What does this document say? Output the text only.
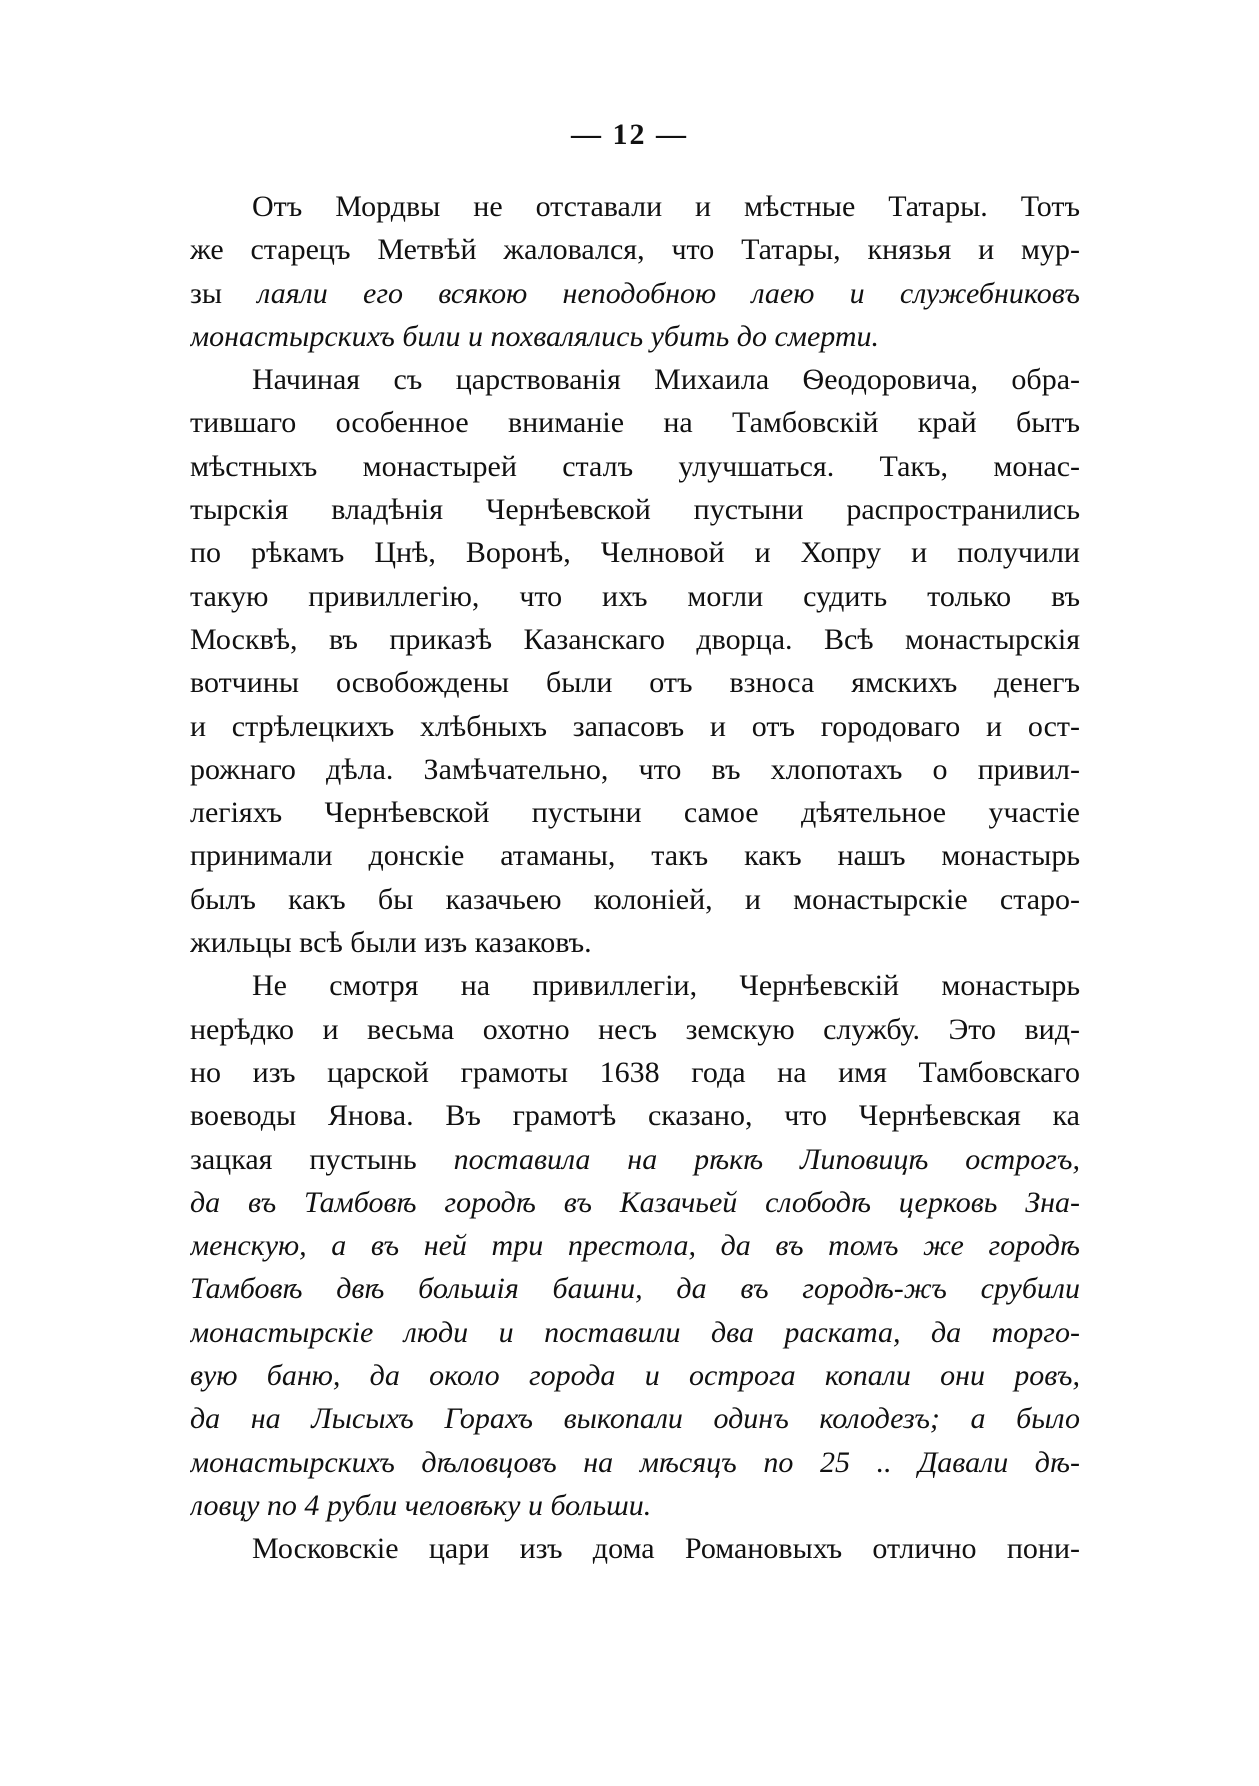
— 12 —
Отъ Мордвы не отставали и мѣстные Татары. Тотъ
же старецъ Метвѣй жаловался, что Татары, князья и мур-
зы лаяли его всякою неподобною лаею и служебниковъ
монастырскихъ били и похвалялись убить до смерти.
Начиная съ царствованія Михаила Ѳеодоровича, обра-
тившаго особенное вниманіе на Тамбовскій край бытъ
мѣстныхъ монастырей сталъ улучшаться. Такъ, монас-
тырскія владѣнія Чернѣевской пустыни распространились
по рѣкамъ Цнѣ, Воронѣ, Челновой и Хопру и получили
такую привиллегію, что ихъ могли судить только въ
Москвѣ, въ приказѣ Казанскаго дворца. Всѣ монастырскія
вотчины освобождены были отъ взноса ямскихъ денегъ
и стрѣлецкихъ хлѣбныхъ запасовъ и отъ городоваго и ост-
рожнаго дѣла. Замѣчательно, что въ хлопотахъ о привил-
легіяхъ Чернѣевской пустыни самое дѣятельное участіе
принимали донскіе атаманы, такъ какъ нашъ монастырь
былъ какъ бы казачьею колоніей, и монастырскіе старо-
жильцы всѣ были изъ казаковъ.
Не смотря на привиллегіи, Чернѣевскій монастырь
нерѣдко и весьма охотно несъ земскую службу. Это вид-
но изъ царской грамоты 1638 года на имя Тамбовскаго
воеводы Янова. Въ грамотѣ сказано, что Чернѣевская ка
зацкая пустынь поставила на рѣкѣ Липовицѣ острогъ,
да въ Тамбовѣ городѣ въ Казачьей слободѣ церковь Зна-
менскую, а въ ней три престола, да въ томъ же городѣ
Тамбовѣ двѣ большія башни, да въ городѣ-жъ срубили
монастырскіе люди и поставили два раската, да торго-
вую баню, да около города и острога копали они ровъ,
да на Лысыхъ Горахъ выкопали одинъ колодезъ; а было
монастырскихъ дѣловцовъ на мѣсяцъ по 25 .. Давали дѣ-
ловцу по 4 рубли человѣку и больши.
Московскіе цари изъ дома Романовыхъ отлично пони-
